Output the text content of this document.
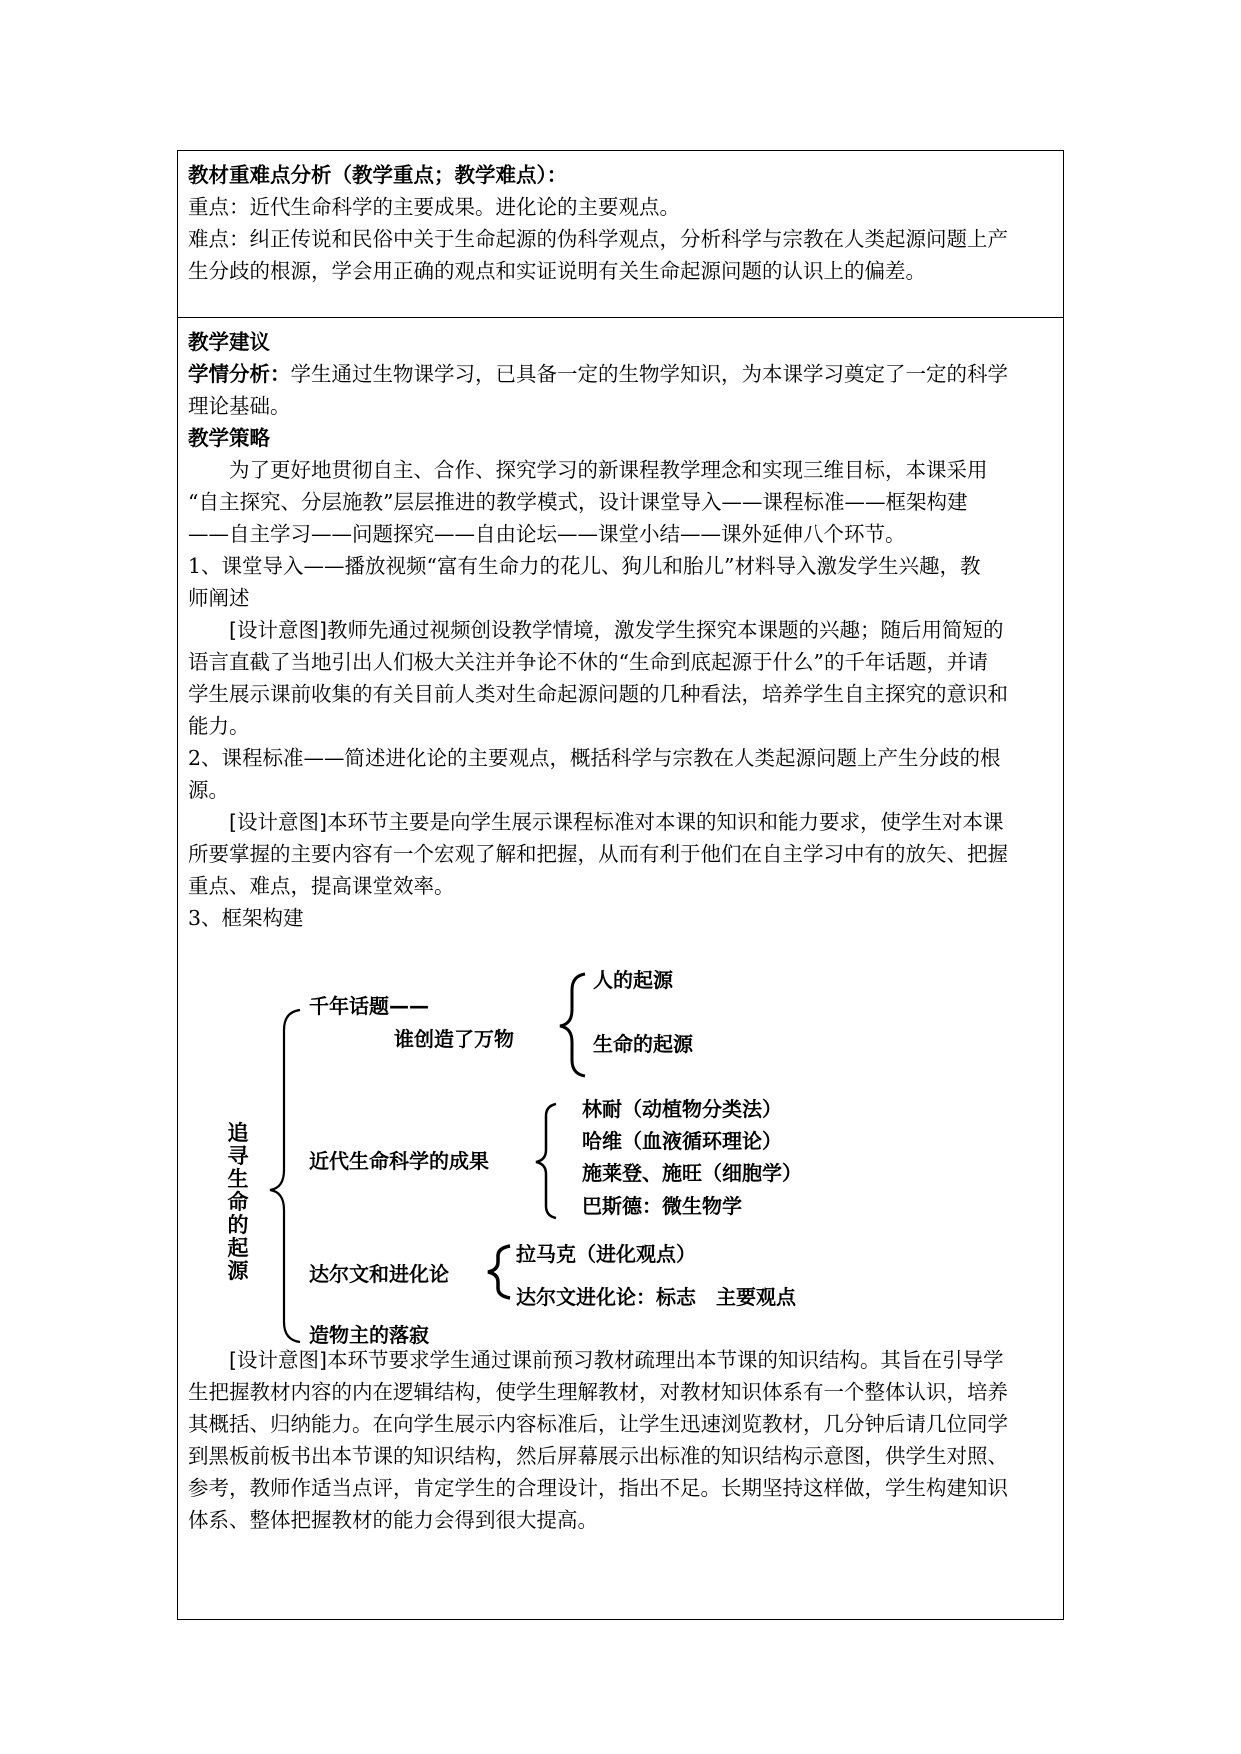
教材重难点分析（教学重点；教学难点）：

重点：近代生命科学的主要成果。进化论的主要观点。

难点：纠正传说和民俗中关于生命起源的伪科学观点，分析科学与宗教在人类起源问题上产

生分歧的根源，学会用正确的观点和实证说明有关生命起源问题的认识上的偏差。

教学建议

学情分析：学生通过生物课学习，已具备一定的生物学知识，为本课学习奠定了一定的科学

理论基础。

教学策略

为了更好地贯彻自主、合作、探究学习的新课程教学理念和实现三维目标，本课采用

“自主探究、分层施教”层层推进的教学模式，设计课堂导入——课程标准——框架构建

——自主学习——问题探究——自由论坛——课堂小结——课外延伸八个环节。

1、课堂导入——播放视频“富有生命力的花儿、狗儿和胎儿”材料导入激发学生兴趣，教

师阐述

[设计意图]教师先通过视频创设教学情境，激发学生探究本课题的兴趣；随后用简短的

语言直截了当地引出人们极大关注并争论不休的“生命到底起源于什么”的千年话题，并请

学生展示课前收集的有关目前人类对生命起源问题的几种看法，培养学生自主探究的意识和

能力。

2、课程标准——简述进化论的主要观点，概括科学与宗教在人类起源问题上产生分歧的根

源。

[设计意图]本环节主要是向学生展示课程标准对本课的知识和能力要求，使学生对本课

所要掌握的主要内容有一个宏观了解和把握，从而有利于他们在自主学习中有的放矢、把握

重点、难点，提高课堂效率。

3、框架构建

[设计意图]本环节要求学生通过课前预习教材疏理出本节课的知识结构。其旨在引导学

生把握教材内容的内在逻辑结构，使学生理解教材，对教材知识体系有一个整体认识，培养

其概括、归纳能力。在向学生展示内容标准后，让学生迅速浏览教材，几分钟后请几位同学

到黑板前板书出本节课的知识结构，然后屏幕展示出标准的知识结构示意图，供学生对照、

参考，教师作适当点评，肯定学生的合理设计，指出不足。长期坚持这样做，学生构建知识

体系、整体把握教材的能力会得到很大提高。

追
寻
生
命
的
起
源
千年话题——
谁创造了万物
人的起源
生命的起源
近代生命科学的成果
林耐（动植物分类法）
哈维（血液循环理论）
施莱登、施旺（细胞学）
巴斯德：微生物学
达尔文和进化论
拉马克（进化观点）
达尔文进化论：标志　主要观点
造物主的落寂
